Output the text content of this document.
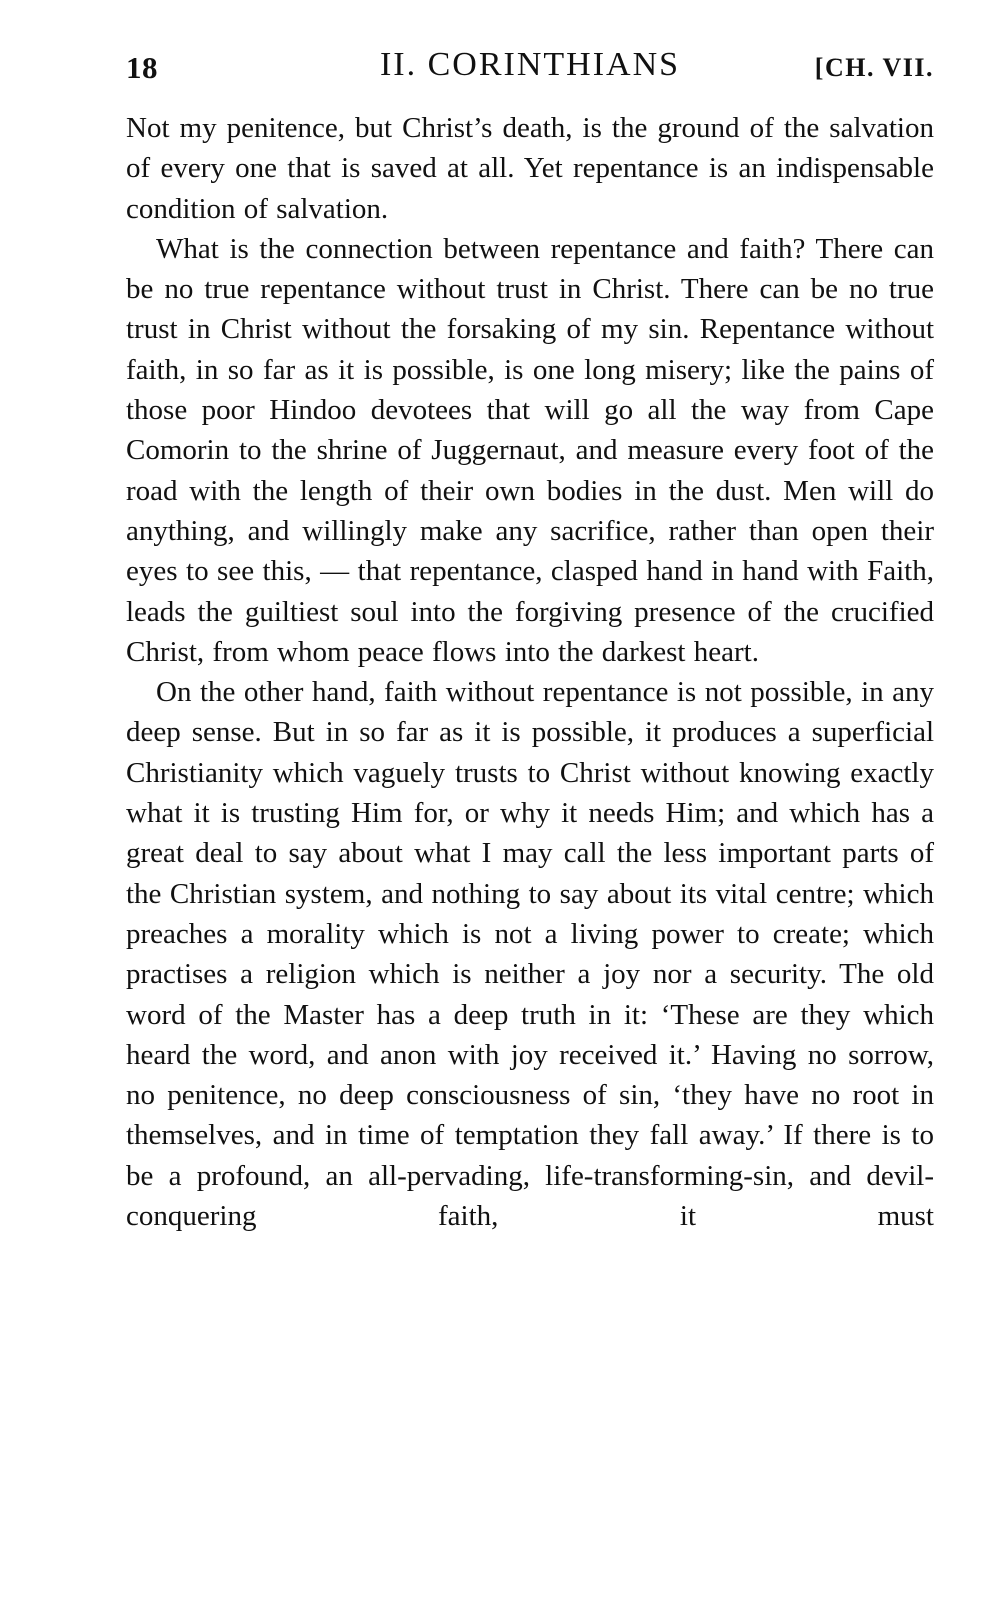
18	II. CORINTHIANS	[CH. VII.

Not my penitence, but Christ’s death, is the ground of the salvation of every one that is saved at all. Yet repentance is an indispensable condition of salvation.

What is the connection between repentance and faith? There can be no true repentance without trust in Christ. There can be no true trust in Christ without the forsaking of my sin. Repentance without faith, in so far as it is possible, is one long misery; like the pains of those poor Hindoo devotees that will go all the way from Cape Comorin to the shrine of Juggernaut, and measure every foot of the road with the length of their own bodies in the dust. Men will do anything, and willingly make any sacrifice, rather than open their eyes to see this, — that repentance, clasped hand in hand with Faith, leads the guiltiest soul into the forgiving presence of the crucified Christ, from whom peace flows into the darkest heart.

On the other hand, faith without repentance is not possible, in any deep sense. But in so far as it is possible, it produces a superficial Christianity which vaguely trusts to Christ without knowing exactly what it is trusting Him for, or why it needs Him; and which has a great deal to say about what I may call the less important parts of the Christian system, and nothing to say about its vital centre; which preaches a morality which is not a living power to create; which practises a religion which is neither a joy nor a security. The old word of the Master has a deep truth in it: ‘These are they which heard the word, and anon with joy received it.’ Having no sorrow, no penitence, no deep consciousness of sin, ‘they have no root in themselves, and in time of temptation they fall away.’ If there is to be a profound, an all-pervading, life-transforming-sin, and devil-conquering faith, it must
